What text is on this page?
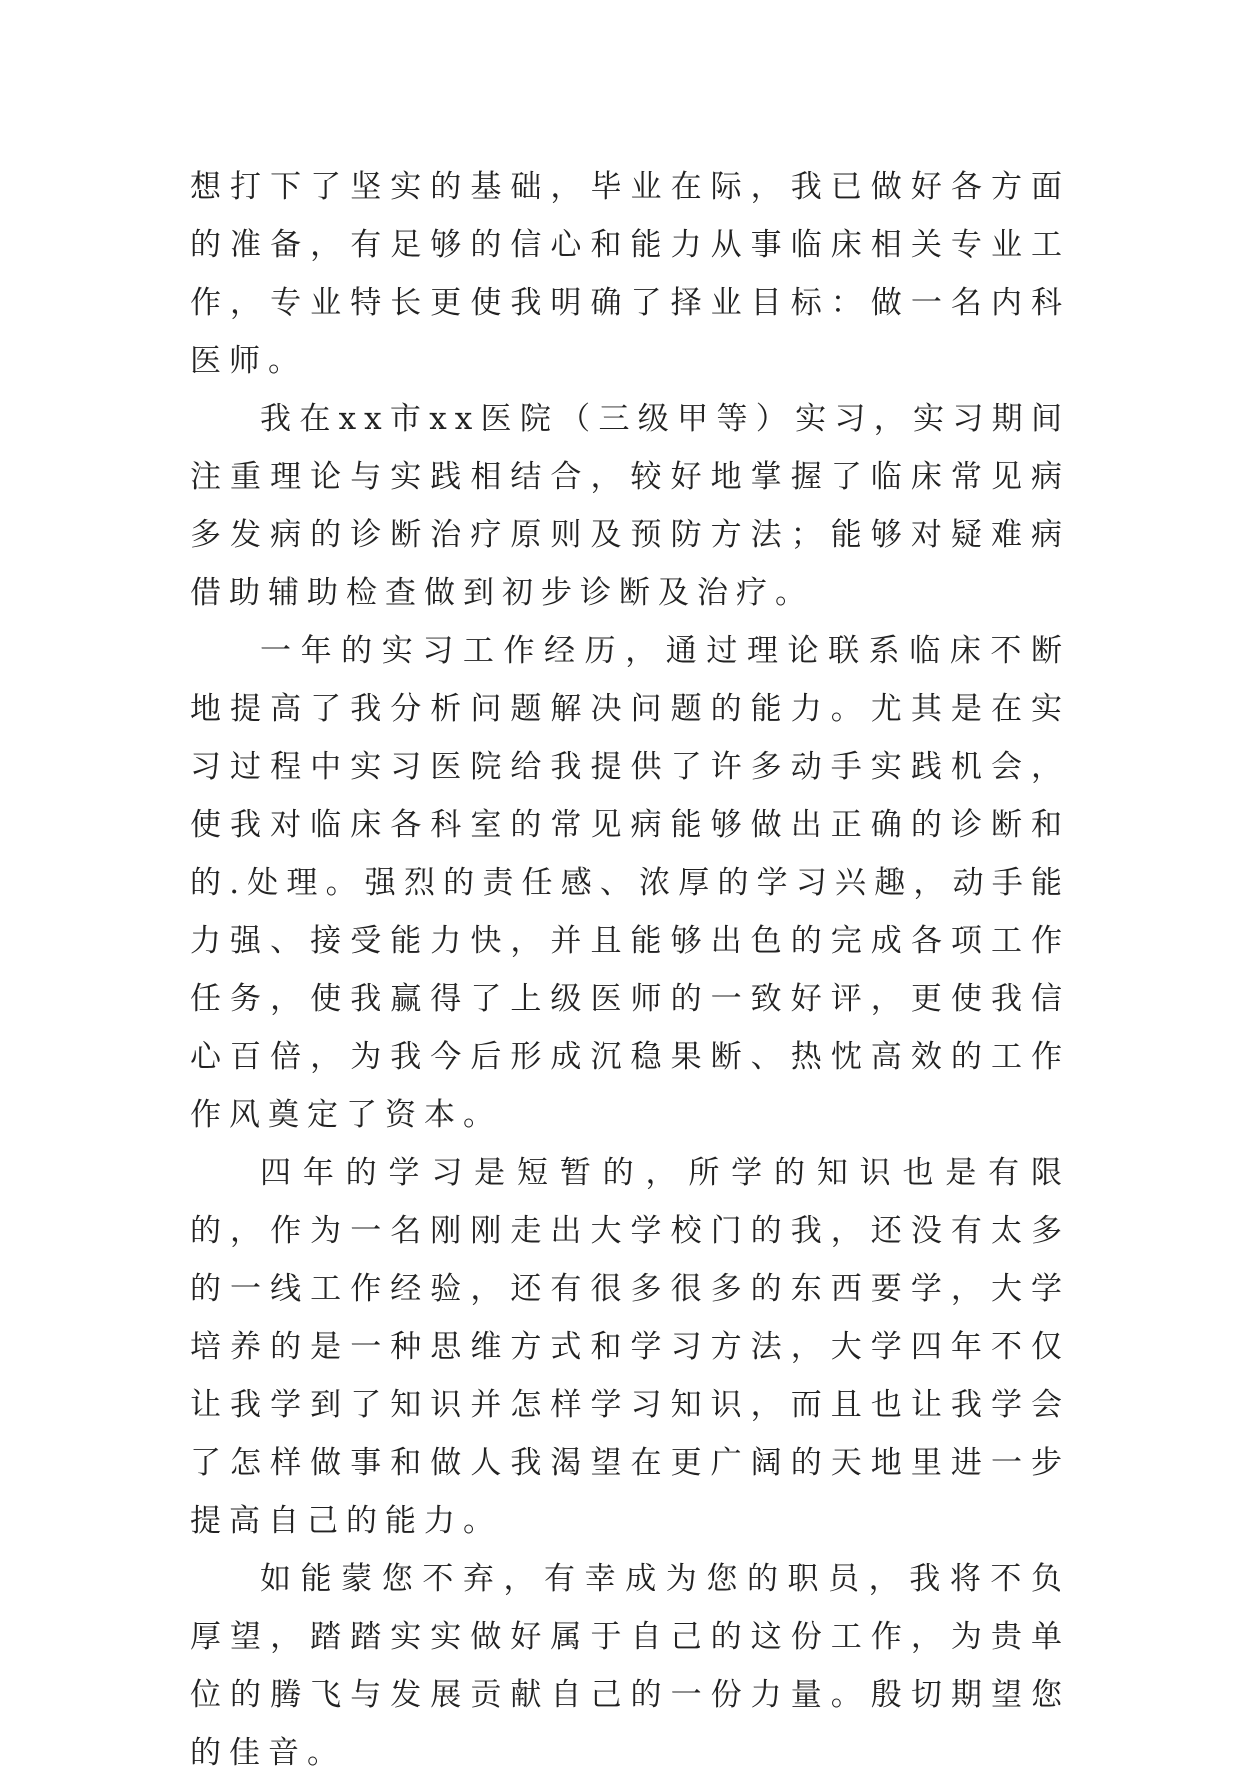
想打下了坚实的基础，毕业在际，我已做好各方面的准备，有足够的信心和能力从事临床相关专业工作，专业特长更使我明确了择业目标：做一名内科医师。

我在xx市xx医院（三级甲等）实习，实习期间注重理论与实践相结合，较好地掌握了临床常见病多发病的诊断治疗原则及预防方法；能够对疑难病借助辅助检查做到初步诊断及治疗。

一年的实习工作经历，通过理论联系临床不断地提高了我分析问题解决问题的能力。尤其是在实习过程中实习医院给我提供了许多动手实践机会，使我对临床各科室的常见病能够做出正确的诊断和的.处理。强烈的责任感、浓厚的学习兴趣，动手能力强、接受能力快，并且能够出色的完成各项工作任务，使我赢得了上级医师的一致好评，更使我信心百倍，为我今后形成沉稳果断、热忱高效的工作作风奠定了资本。

四年的学习是短暂的，所学的知识也是有限的，作为一名刚刚走出大学校门的我，还没有太多的一线工作经验，还有很多很多的东西要学，大学培养的是一种思维方式和学习方法，大学四年不仅让我学到了知识并怎样学习知识，而且也让我学会了怎样做事和做人我渴望在更广阔的天地里进一步提高自己的能力。

如能蒙您不弃，有幸成为您的职员，我将不负厚望，踏踏实实做好属于自己的这份工作，为贵单位的腾飞与发展贡献自己的一份力量。殷切期望您的佳音。
